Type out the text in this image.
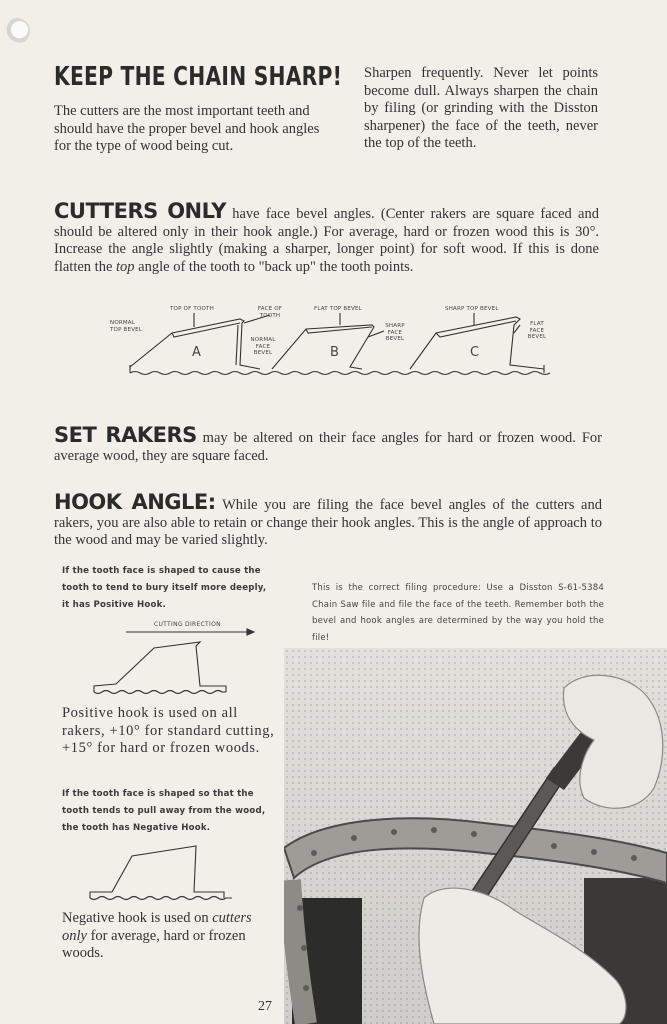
KEEP THE CHAIN SHARP!
The cutters are the most important teeth and should have the proper bevel and hook angles for the type of wood being cut.
Sharpen frequently. Never let points become dull. Always sharpen the chain by filing (or grinding with the Disston sharpener) the face of the teeth, never the top of the teeth.
CUTTERS ONLY have face bevel angles. (Center rakers are square faced and should be altered only in their hook angle.) For average, hard or frozen wood this is 30°. Increase the angle slightly (making a sharper, longer point) for soft wood. If this is done flatten the top angle of the tooth to "back up" the tooth points.
TOP OF TOOTH	FACE OF TOOTH
NORMAL TOP BEVEL
NORMAL FACE BEVEL
FLAT TOP BEVEL
SHARP FACE BEVEL
SHARP TOP BEVEL
FLAT FACE BEVEL
A	B	C
SET RAKERS may be altered on their face angles for hard or frozen wood. For average wood, they are square faced.
HOOK ANGLE: While you are filing the face bevel angles of the cutters and rakers, you are also able to retain or change their hook angles. This is the angle of approach to the wood and may be varied slightly.
If the tooth face is shaped to cause the tooth to tend to bury itself more deeply, it has Positive Hook.
CUTTING DIRECTION
Positive hook is used on all rakers, +10° for standard cutting, +15° for hard or frozen woods.
If the tooth face is shaped so that the tooth tends to pull away from the wood, the tooth has Negative Hook.
Negative hook is used on cutters only for average, hard or frozen woods.
This is the correct filing procedure: Use a Disston S-61-5384 Chain Saw file and file the face of the teeth. Remember both the bevel and hook angles are determined by the way you hold the file!
27
